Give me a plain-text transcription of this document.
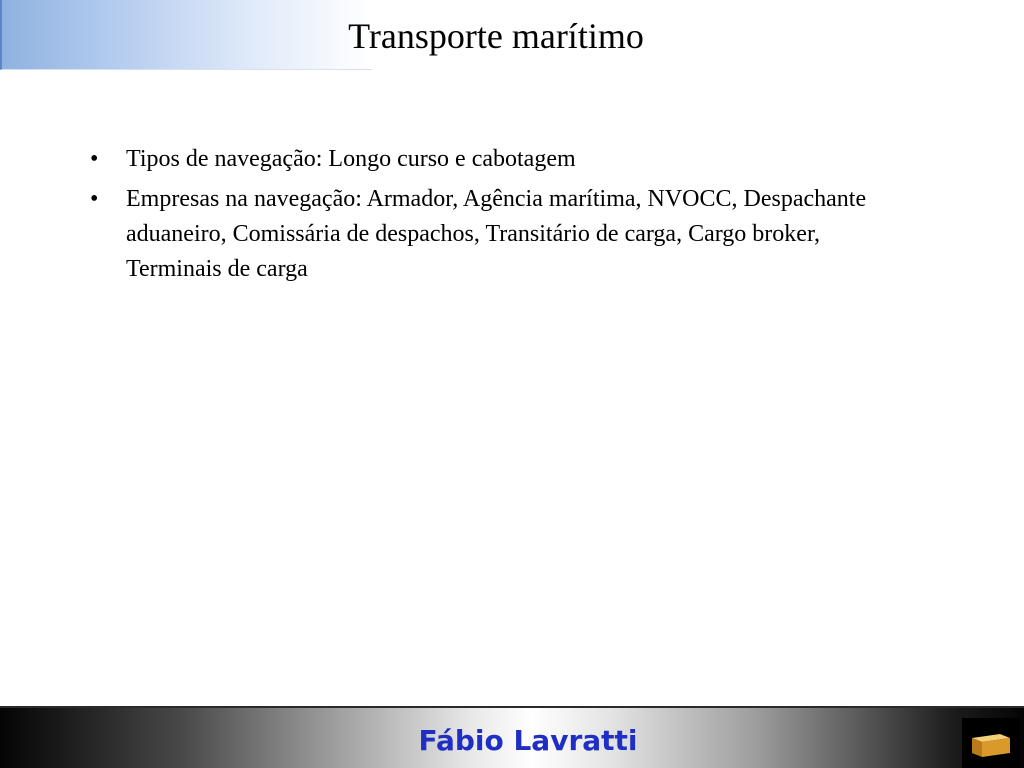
Transporte marítimo
• Tipos de navegação: Longo curso e cabotagem
• Empresas na navegação: Armador, Agência marítima, NVOCC, Despachante aduaneiro, Comissária de despachos, Transitário de carga, Cargo broker, Terminais de carga
Fábio Lavratti
